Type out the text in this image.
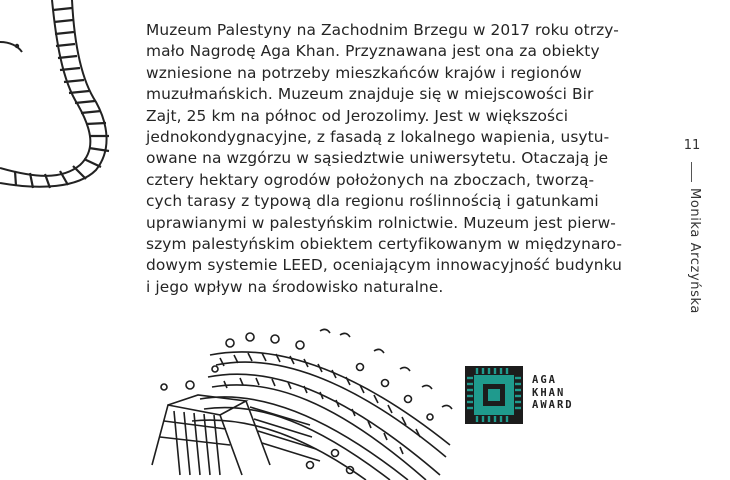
Muzeum Palestyny na Zachodnim Brzegu w 2017 roku otrzy-
mało Nagrodę Aga Khan. Przyznawana jest ona za obiekty
wzniesione na potrzeby mieszkańców krajów i regionów
muzułmańskich. Muzeum znajduje się w miejscowości Bir
Zajt, 25 km na północ od Jerozolimy. Jest w większości
jednokondygnacyjne, z fasadą z lokalnego wapienia, usytu-
owane na wzgórzu w sąsiedztwie uniwersytetu. Otaczają je
cztery hektary ogrodów położonych na zboczach, tworzą-
cych tarasy z typową dla regionu roślinnością i gatunkami
uprawianymi w palestyńskim rolnictwie. Muzeum jest pierw-
szym palestyńskim obiektem certyfikowanym w międzynaro-
dowym systemie LEED, oceniającym innowacyjność budynku
i jego wpływ na środowisko naturalne.

11
Monika Arczyńska
AGA
KHAN
AWARD
